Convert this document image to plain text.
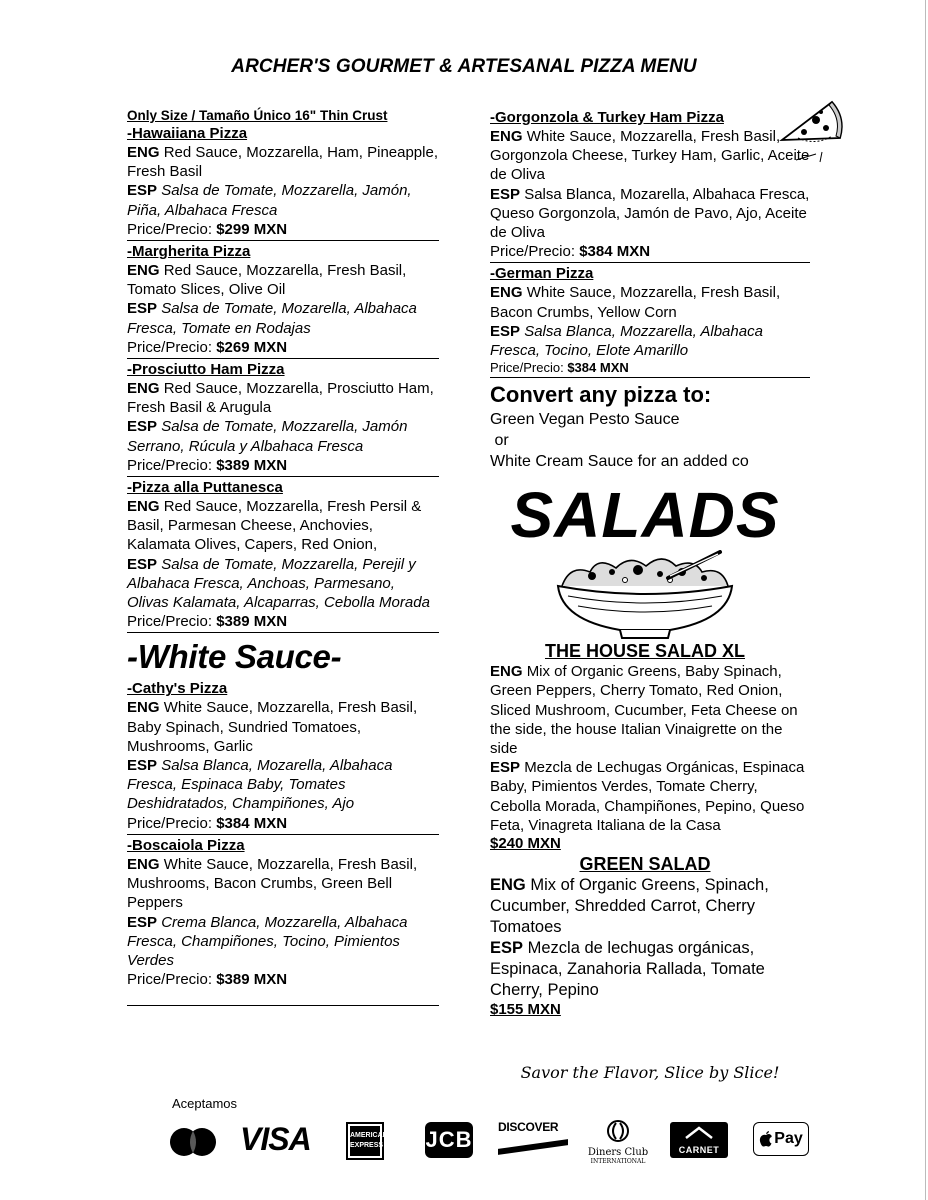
ARCHER'S GOURMET & ARTESANAL PIZZA MENU
Only Size / Tamaño Único 16" Thin Crust
-Hawaiiana Pizza
ENG Red Sauce, Mozzarella, Ham, Pineapple, Fresh Basil
ESP Salsa de Tomate, Mozzarella, Jamón, Piña, Albahaca Fresca
Price/Precio: $299 MXN
-Margherita Pizza
ENG Red Sauce, Mozzarella, Fresh Basil, Tomato Slices, Olive Oil
ESP Salsa de Tomate, Mozarella, Albahaca Fresca, Tomate en Rodajas
Price/Precio: $269 MXN
-Prosciutto Ham Pizza
ENG Red Sauce, Mozzarella, Prosciutto Ham, Fresh Basil & Arugula
ESP Salsa de Tomate, Mozzarella, Jamón Serrano, Rúcula y Albahaca Fresca
Price/Precio: $389 MXN
-Pizza alla Puttanesca
ENG Red Sauce, Mozzarella, Fresh Persil & Basil, Parmesan Cheese, Anchovies, Kalamata Olives, Capers, Red Onion,
ESP Salsa de Tomate, Mozzarella, Perejil y Albahaca Fresca, Anchoas, Parmesano, Olivas Kalamata, Alcaparras, Cebolla Morada
Price/Precio: $389 MXN
-White Sauce-
-Cathy's Pizza
ENG White Sauce, Mozzarella, Fresh Basil,
Baby Spinach, Sundried Tomatoes, Mushrooms, Garlic
ESP Salsa Blanca, Mozarella, Albahaca Fresca, Espinaca Baby, Tomates Deshidratados, Champiñones, Ajo
Price/Precio: $384 MXN
-Boscaiola Pizza
ENG White Sauce, Mozzarella, Fresh Basil, Mushrooms, Bacon Crumbs, Green Bell Peppers
ESP Crema Blanca, Mozzarella, Albahaca Fresca, Champiñones, Tocino, Pimientos Verdes
Price/Precio: $389 MXN
-Gorgonzola & Turkey Ham Pizza
ENG White Sauce, Mozzarella, Fresh Basil, Gorgonzola Cheese, Turkey Ham, Garlic, Aceite de Oliva
ESP Salsa Blanca, Mozarella, Albahaca Fresca, Queso Gorgonzola, Jamón de Pavo, Ajo, Aceite de Oliva
Price/Precio: $384 MXN
-German Pizza
ENG White Sauce, Mozzarella, Fresh Basil, Bacon Crumbs, Yellow Corn
ESP Salsa Blanca, Mozzarella, Albahaca Fresca, Tocino, Elote Amarillo
Price/Precio: $384 MXN
Convert any pizza to:
Green Vegan Pesto Sauce
or
White Cream Sauce for an added co
SALADS
THE HOUSE SALAD XL
ENG Mix of Organic Greens, Baby Spinach, Green Peppers, Cherry Tomato, Red Onion, Sliced Mushroom, Cucumber, Feta Cheese on the side, the house Italian Vinaigrette on the side
ESP Mezcla de Lechugas Orgánicas, Espinaca Baby, Pimientos Verdes, Tomate Cherry, Cebolla Morada, Champiñones, Pepino, Queso Feta, Vinagreta Italiana de la Casa
$240 MXN
GREEN SALAD
ENG Mix of Organic Greens, Spinach, Cucumber, Shredded Carrot, Cherry Tomatoes
ESP Mezcla de lechugas orgánicas, Espinaca, Zanahoria Rallada, Tomate Cherry, Pepino
$155 MXN
Savor the Flavor, Slice by Slice!
Aceptamos
VISA	AMERICAN EXPRESS JCB DISCOVER
Diners Club
INTERNATIONAL
CARNET
Pay
